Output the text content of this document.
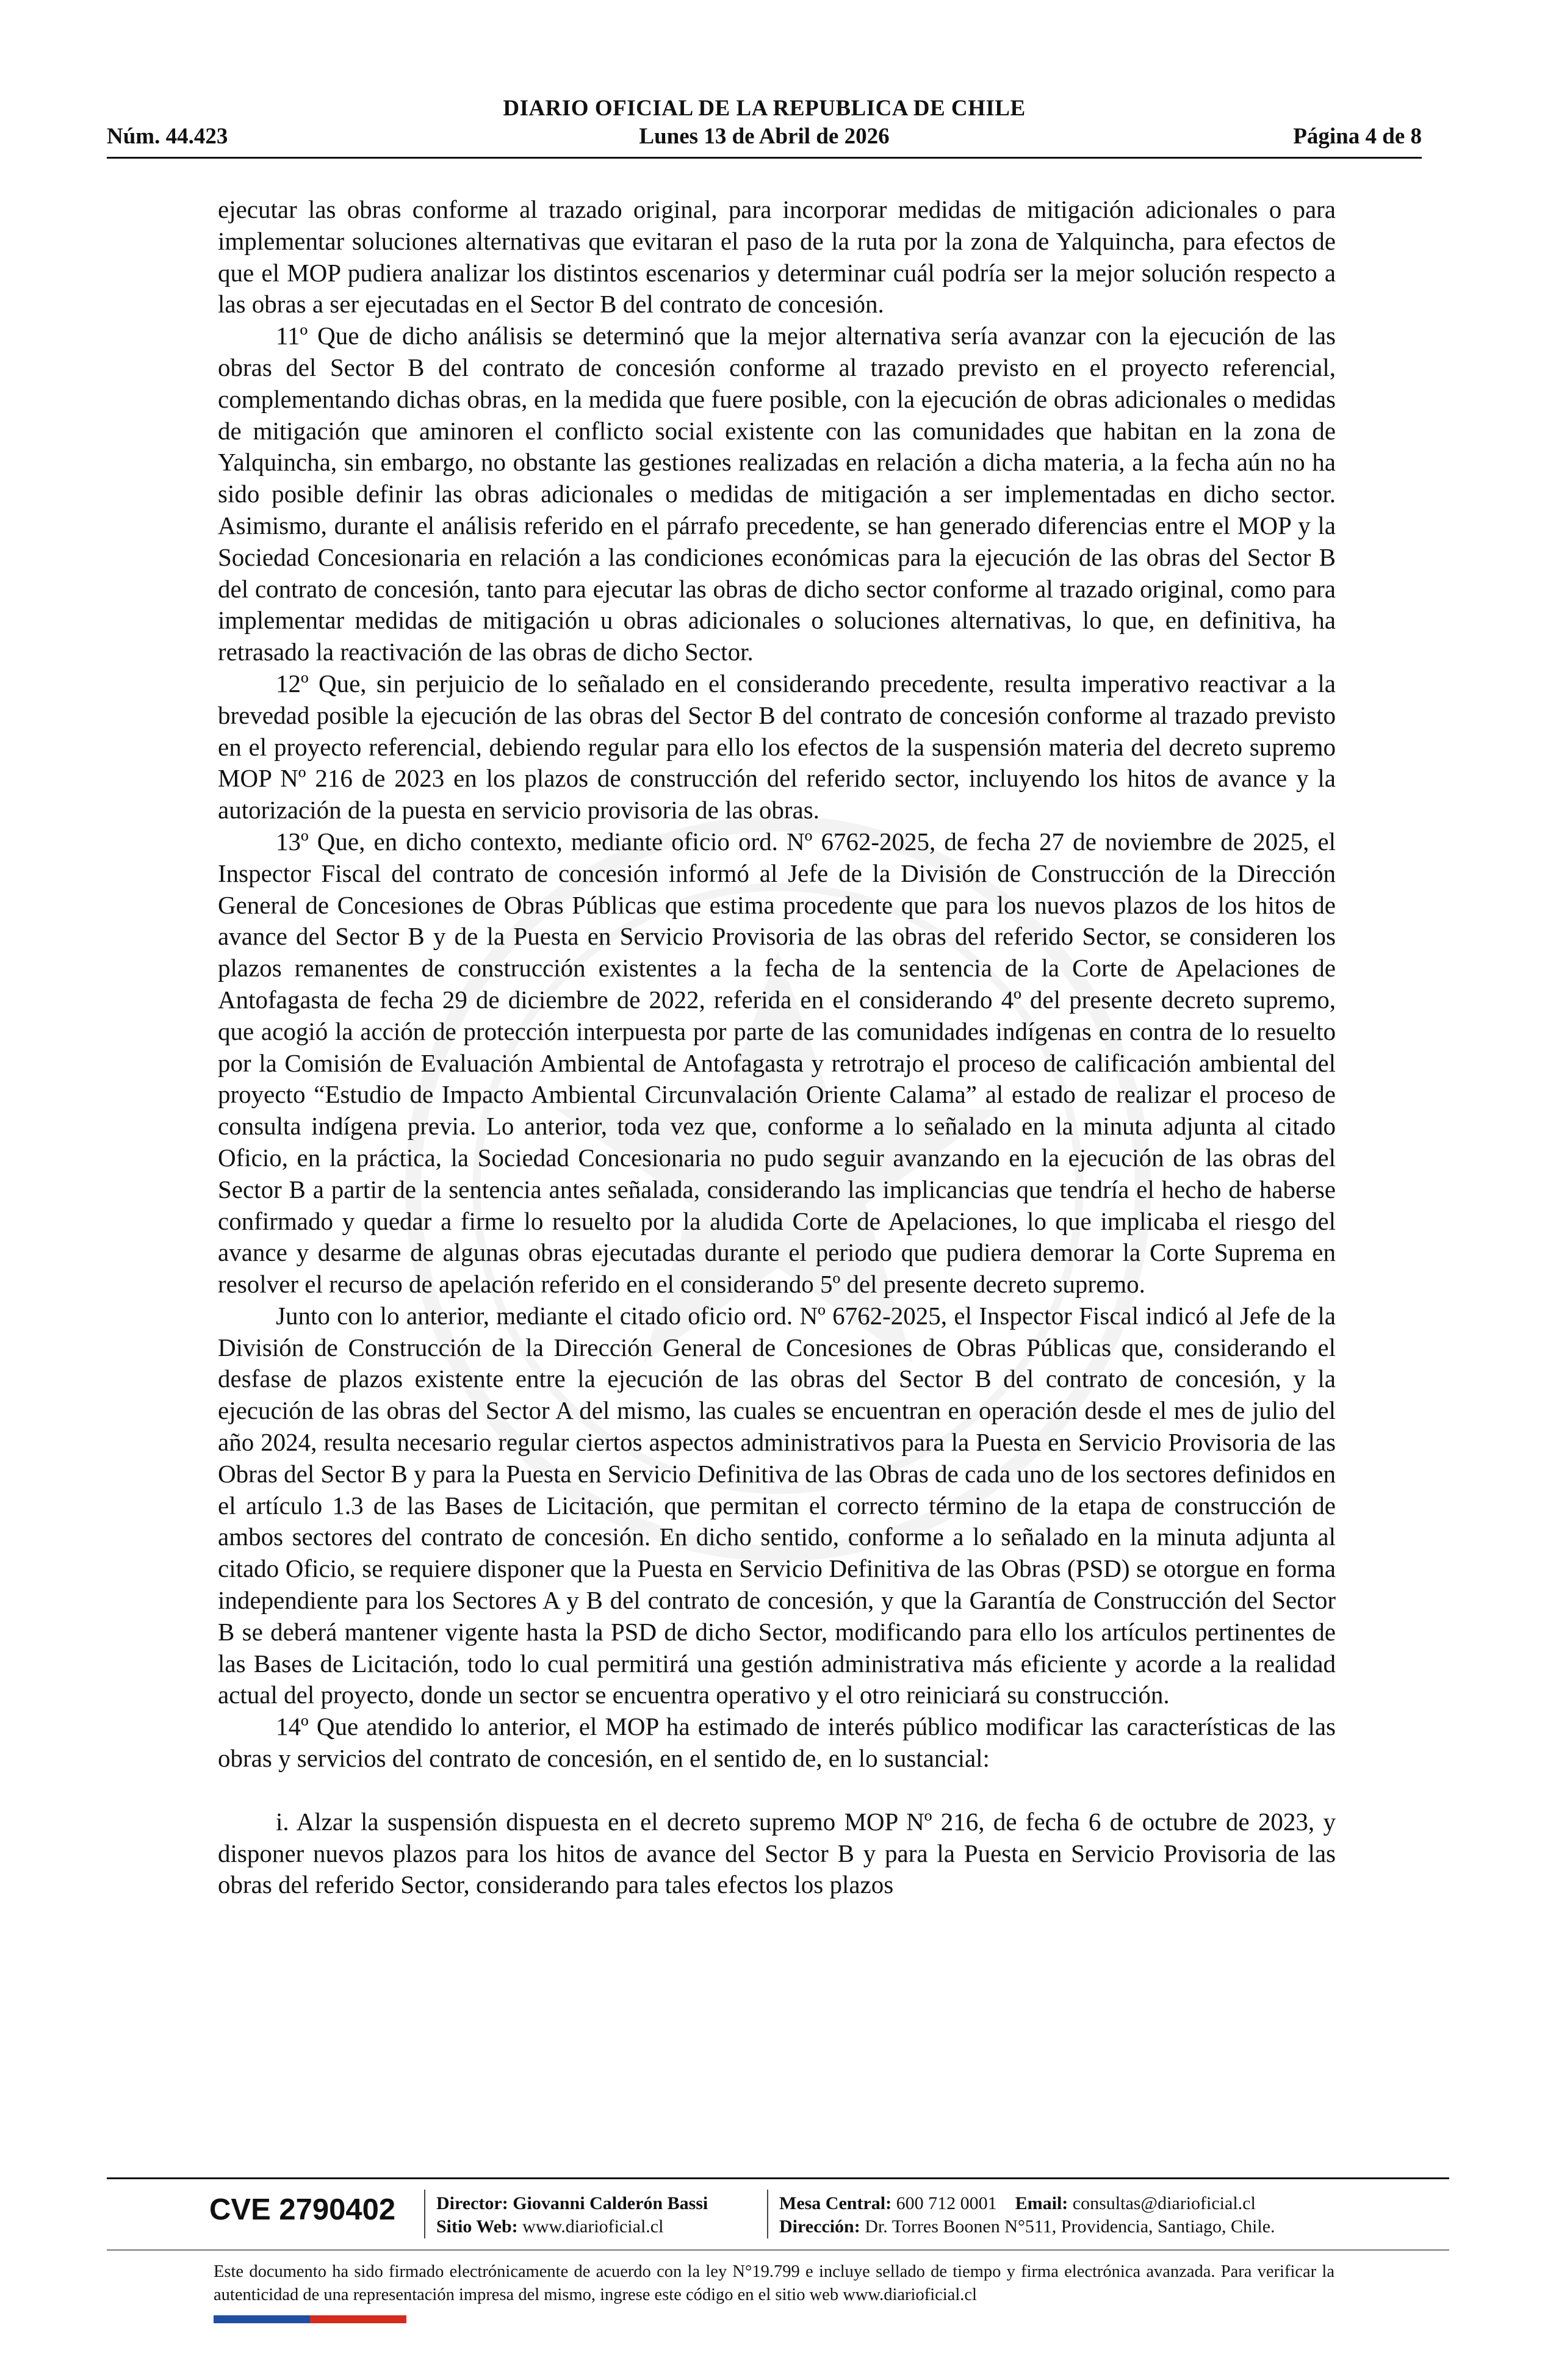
DIARIO OFICIAL DE LA REPUBLICA DE CHILE
Núm. 44.423	Lunes 13 de Abril de 2026	Página 4 de 8

ejecutar las obras conforme al trazado original, para incorporar medidas de mitigación adicionales o para implementar soluciones alternativas que evitaran el paso de la ruta por la zona de Yalquincha, para efectos de que el MOP pudiera analizar los distintos escenarios y determinar cuál podría ser la mejor solución respecto a las obras a ser ejecutadas en el Sector B del contrato de concesión.

11º Que de dicho análisis se determinó que la mejor alternativa sería avanzar con la ejecución de las obras del Sector B del contrato de concesión conforme al trazado previsto en el proyecto referencial, complementando dichas obras, en la medida que fuere posible, con la ejecución de obras adicionales o medidas de mitigación que aminoren el conflicto social existente con las comunidades que habitan en la zona de Yalquincha, sin embargo, no obstante las gestiones realizadas en relación a dicha materia, a la fecha aún no ha sido posible definir las obras adicionales o medidas de mitigación a ser implementadas en dicho sector. Asimismo, durante el análisis referido en el párrafo precedente, se han generado diferencias entre el MOP y la Sociedad Concesionaria en relación a las condiciones económicas para la ejecución de las obras del Sector B del contrato de concesión, tanto para ejecutar las obras de dicho sector conforme al trazado original, como para implementar medidas de mitigación u obras adicionales o soluciones alternativas, lo que, en definitiva, ha retrasado la reactivación de las obras de dicho Sector.

12º Que, sin perjuicio de lo señalado en el considerando precedente, resulta imperativo reactivar a la brevedad posible la ejecución de las obras del Sector B del contrato de concesión conforme al trazado previsto en el proyecto referencial, debiendo regular para ello los efectos de la suspensión materia del decreto supremo MOP Nº 216 de 2023 en los plazos de construcción del referido sector, incluyendo los hitos de avance y la autorización de la puesta en servicio provisoria de las obras.

13º Que, en dicho contexto, mediante oficio ord. Nº 6762-2025, de fecha 27 de noviembre de 2025, el Inspector Fiscal del contrato de concesión informó al Jefe de la División de Construcción de la Dirección General de Concesiones de Obras Públicas que estima procedente que para los nuevos plazos de los hitos de avance del Sector B y de la Puesta en Servicio Provisoria de las obras del referido Sector, se consideren los plazos remanentes de construcción existentes a la fecha de la sentencia de la Corte de Apelaciones de Antofagasta de fecha 29 de diciembre de 2022, referida en el considerando 4º del presente decreto supremo, que acogió la acción de protección interpuesta por parte de las comunidades indígenas en contra de lo resuelto por la Comisión de Evaluación Ambiental de Antofagasta y retrotrajo el proceso de calificación ambiental del proyecto “Estudio de Impacto Ambiental Circunvalación Oriente Calama” al estado de realizar el proceso de consulta indígena previa. Lo anterior, toda vez que, conforme a lo señalado en la minuta adjunta al citado Oficio, en la práctica, la Sociedad Concesionaria no pudo seguir avanzando en la ejecución de las obras del Sector B a partir de la sentencia antes señalada, considerando las implicancias que tendría el hecho de haberse confirmado y quedar a firme lo resuelto por la aludida Corte de Apelaciones, lo que implicaba el riesgo del avance y desarme de algunas obras ejecutadas durante el periodo que pudiera demorar la Corte Suprema en resolver el recurso de apelación referido en el considerando 5º del presente decreto supremo.

Junto con lo anterior, mediante el citado oficio ord. Nº 6762-2025, el Inspector Fiscal indicó al Jefe de la División de Construcción de la Dirección General de Concesiones de Obras Públicas que, considerando el desfase de plazos existente entre la ejecución de las obras del Sector B del contrato de concesión, y la ejecución de las obras del Sector A del mismo, las cuales se encuentran en operación desde el mes de julio del año 2024, resulta necesario regular ciertos aspectos administrativos para la Puesta en Servicio Provisoria de las Obras del Sector B y para la Puesta en Servicio Definitiva de las Obras de cada uno de los sectores definidos en el artículo 1.3 de las Bases de Licitación, que permitan el correcto término de la etapa de construcción de ambos sectores del contrato de concesión. En dicho sentido, conforme a lo señalado en la minuta adjunta al citado Oficio, se requiere disponer que la Puesta en Servicio Definitiva de las Obras (PSD) se otorgue en forma independiente para los Sectores A y B del contrato de concesión, y que la Garantía de Construcción del Sector B se deberá mantener vigente hasta la PSD de dicho Sector, modificando para ello los artículos pertinentes de las Bases de Licitación, todo lo cual permitirá una gestión administrativa más eficiente y acorde a la realidad actual del proyecto, donde un sector se encuentra operativo y el otro reiniciará su construcción.

14º Que atendido lo anterior, el MOP ha estimado de interés público modificar las características de las obras y servicios del contrato de concesión, en el sentido de, en lo sustancial:

i. Alzar la suspensión dispuesta en el decreto supremo MOP Nº 216, de fecha 6 de octubre de 2023, y disponer nuevos plazos para los hitos de avance del Sector B y para la Puesta en Servicio Provisoria de las obras del referido Sector, considerando para tales efectos los plazos

CVE 2790402 Director: Giovanni Calderón Bassi
Sitio Web: www.diarioficial.cl
Mesa Central: 600 712 0001 Email: consultas@diarioficial.cl
Dirección: Dr. Torres Boonen N°511, Providencia, Santiago, Chile.
Este documento ha sido firmado electrónicamente de acuerdo con la ley N°19.799 e incluye sellado de tiempo y firma electrónica avanzada. Para verificar la autenticidad de una representación impresa del mismo, ingrese este código en el sitio web www.diarioficial.cl
